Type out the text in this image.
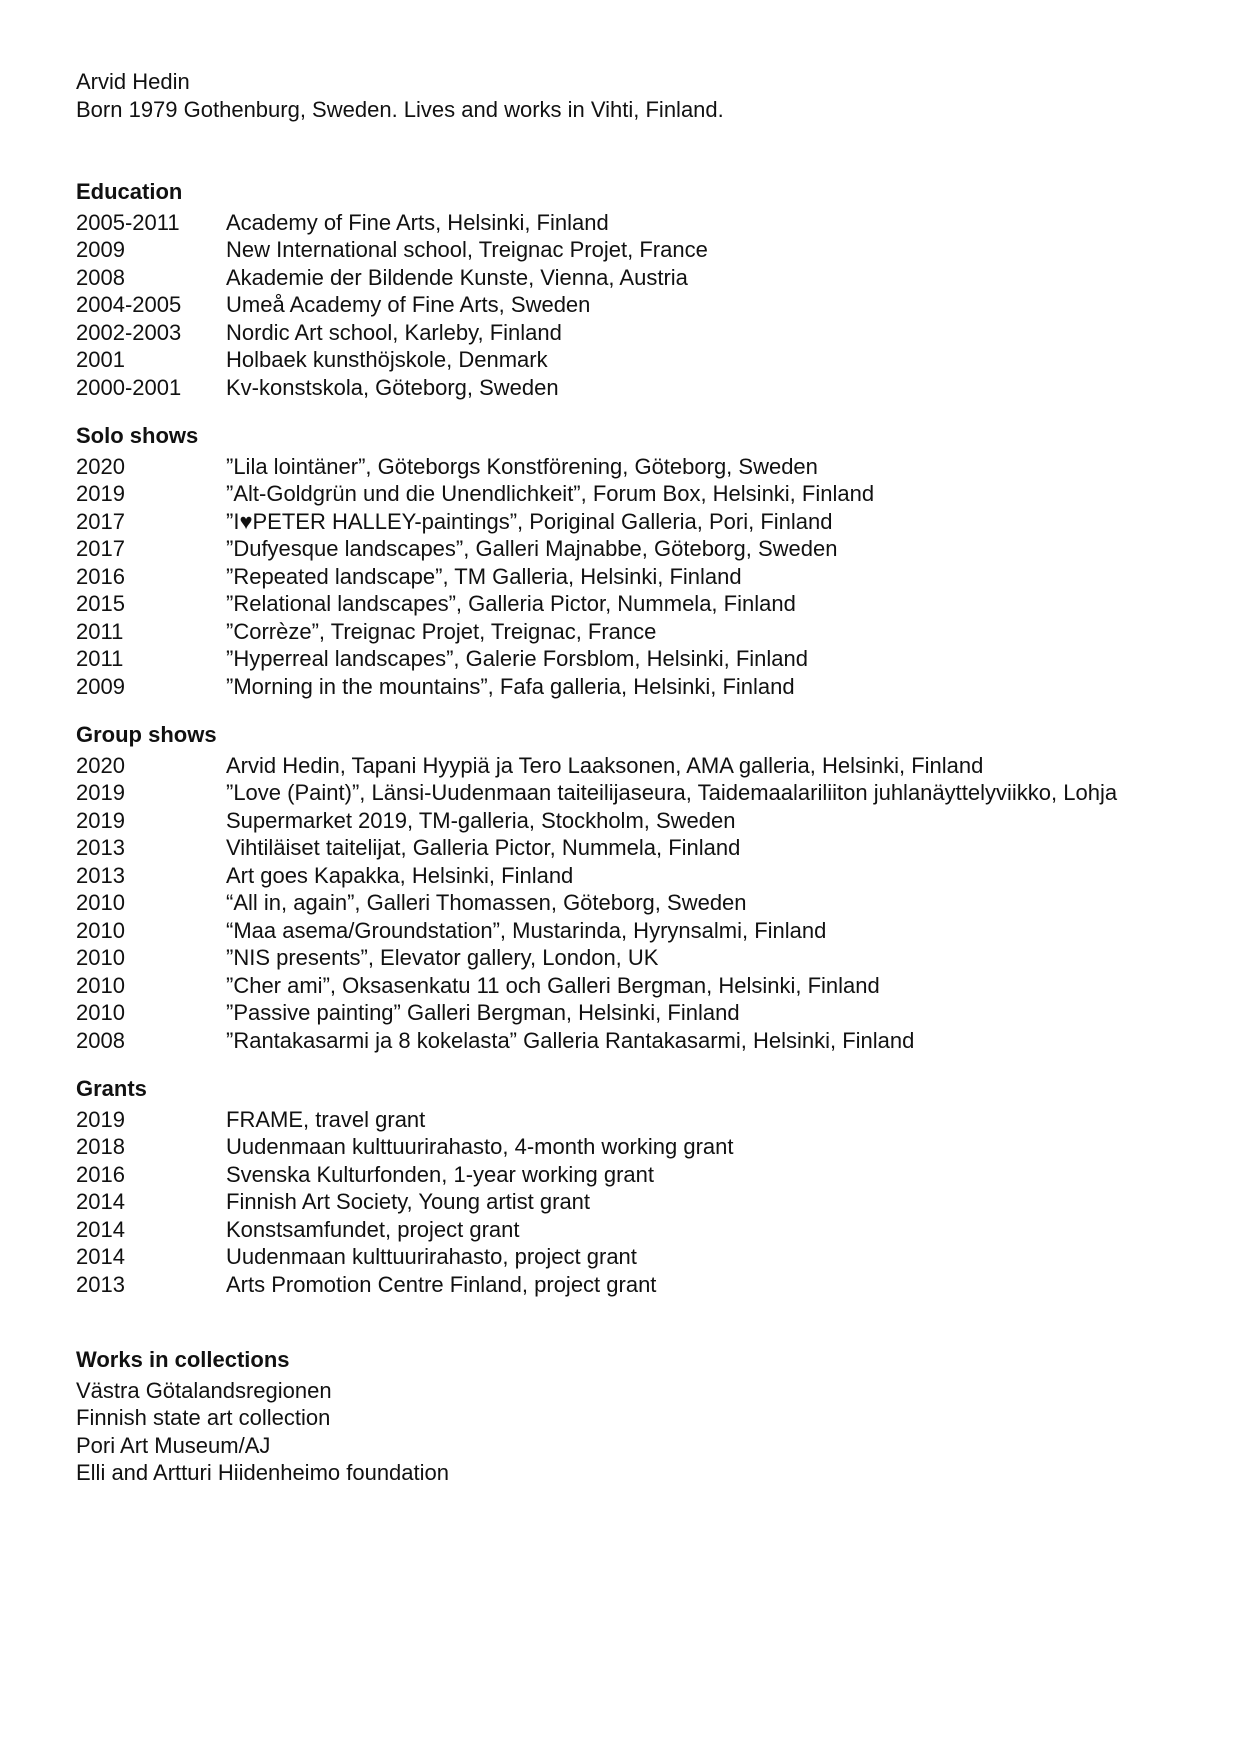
Arvid Hedin
Born 1979 Gothenburg, Sweden. Lives and works in Vihti, Finland.
Education
2005-2011	Academy of Fine Arts, Helsinki, Finland
2009	New International school, Treignac Projet, France
2008	Akademie der Bildende Kunste, Vienna, Austria
2004-2005	Umeå Academy of Fine Arts, Sweden
2002-2003	Nordic Art school, Karleby, Finland
2001	Holbaek kunsthöjskole, Denmark
2000-2001	Kv-konstskola, Göteborg, Sweden
Solo shows
2020	”Lila lointäner”, Göteborgs Konstförening, Göteborg, Sweden
2019	”Alt-Goldgrün und die Unendlichkeit”, Forum Box, Helsinki, Finland
2017	”I♥PETER HALLEY-paintings”, Poriginal Galleria, Pori, Finland
2017	”Dufyesque landscapes”, Galleri Majnabbe, Göteborg, Sweden
2016	”Repeated landscape”, TM Galleria, Helsinki, Finland
2015	”Relational landscapes”, Galleria Pictor, Nummela, Finland
2011	”Corrèze”, Treignac Projet, Treignac, France
2011	”Hyperreal landscapes”, Galerie Forsblom, Helsinki, Finland
2009	”Morning in the mountains”, Fafa galleria, Helsinki, Finland
Group shows
2020	Arvid Hedin, Tapani Hyypiä ja Tero Laaksonen, AMA galleria, Helsinki, Finland
2019	”Love (Paint)”, Länsi-Uudenmaan taiteilijaseura, Taidemaalariliiton juhlanäyttelyviikko, Lohja
2019	Supermarket 2019, TM-galleria, Stockholm, Sweden
2013	Vihtiläiset taitelijat, Galleria Pictor, Nummela, Finland
2013	Art goes Kapakka, Helsinki, Finland
2010	“All in, again”, Galleri Thomassen, Göteborg, Sweden
2010	“Maa asema/Groundstation”, Mustarinda, Hyrynsalmi, Finland
2010	”NIS presents”, Elevator gallery, London, UK
2010	”Cher ami”, Oksasenkatu 11 och Galleri Bergman, Helsinki, Finland
2010	”Passive painting” Galleri Bergman, Helsinki, Finland
2008	”Rantakasarmi ja 8 kokelasta” Galleria Rantakasarmi, Helsinki, Finland
Grants
2019	FRAME, travel grant
2018	Uudenmaan kulttuurirahasto, 4-month working grant
2016	Svenska Kulturfonden, 1-year working grant
2014	Finnish Art Society, Young artist grant
2014	Konstsamfundet, project grant
2014	Uudenmaan kulttuurirahasto, project grant
2013	Arts Promotion Centre Finland, project grant
Works in collections
Västra Götalandsregionen
Finnish state art collection
Pori Art Museum/AJ
Elli and Artturi Hiidenheimo foundation
